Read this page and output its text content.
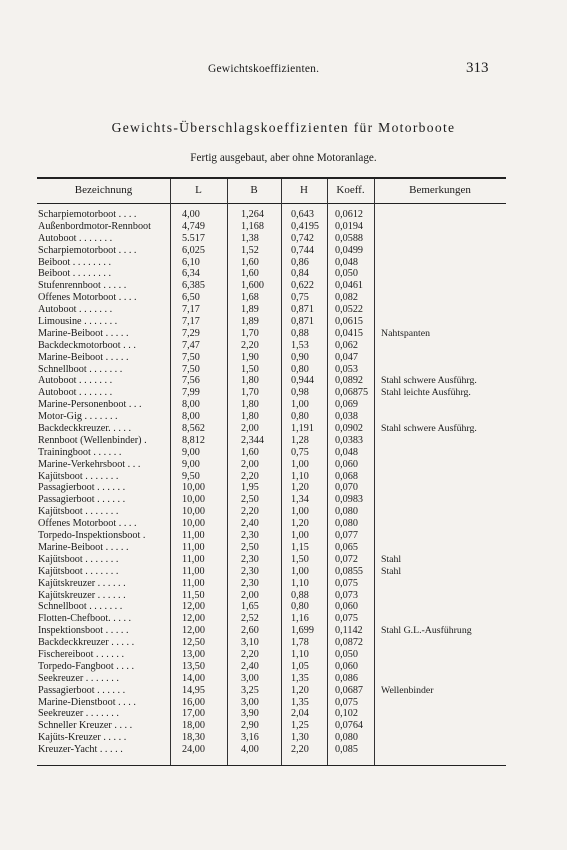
Gewichtskoeffizienten.	313
Gewichts-Überschlagskoeffizienten für Motorboote
Fertig ausgebaut, aber ohne Motoranlage.
Bezeichnung	L	B	H	Koeff.	Bemerkungen
Scharpiemotorboot . . . .	4,00	1,264	0,643	0,0612
Außenbordmotor-Rennboot	4,749	1,168	0,4195	0,0194
Autoboot . . . . . . .	5.517	1,38	0,742	0,0588
Scharpiemotorboot . . . .	6,025	1,52	0,744	0,0499
Beiboot . . . . . . . .	6,10	1,60	0,86	0,048
Beiboot . . . . . . . .	6,34	1,60	0,84	0,050
Stufenrennboot . . . . .	6,385	1,600	0,622	0,0461
Offenes Motorboot . . . .	6,50	1,68	0,75	0,082
Autoboot . . . . . . .	7,17	1,89	0,871	0,0522
Limousine . . . . . . .	7,17	1,89	0,871	0,0615
Marine-Beiboot . . . . .	7,29	1,70	0,88	0,0415	Nahtspanten
Backdeckmotorboot . . .	7,47	2,20	1,53	0,062
Marine-Beiboot . . . . .	7,50	1,90	0,90	0,047
Schnellboot . . . . . . .	7,50	1,50	0,80	0,053
Autoboot . . . . . . .	7,56	1,80	0,944	0,0892	Stahl schwere Ausführg.
Autoboot . . . . . . .	7,99	1,70	0,98	0,06875	Stahl leichte Ausführg.
Marine-Personenboot . . .	8,00	1,80	1,00	0,069
Motor-Gig . . . . . . .	8,00	1,80	0,80	0,038
Backdeckkreuzer. . . . .	8,562	2,00	1,191	0,0902	Stahl schwere Ausführg.
Rennboot (Wellenbinder) .	8,812	2,344	1,28	0,0383
Trainingboot . . . . . .	9,00	1,60	0,75	0,048
Marine-Verkehrsboot . . .	9,00	2,00	1,00	0,060
Kajütsboot . . . . . . .	9,50	2,20	1,10	0,068
Passagierboot . . . . . .	10,00	1,95	1,20	0,070
Passagierboot . . . . . .	10,00	2,50	1,34	0,0983
Kajütsboot . . . . . . .	10,00	2,20	1,00	0,080
Offenes Motorboot . . . .	10,00	2,40	1,20	0,080
Torpedo-Inspektionsboot .	11,00	2,30	1,00	0,077
Marine-Beiboot . . . . .	11,00	2,50	1,15	0,065
Kajütsboot . . . . . . .	11,00	2,30	1,50	0,072	Stahl
Kajütsboot . . . . . . .	11,00	2,30	1,00	0,0855	Stahl
Kajütskreuzer . . . . . .	11,00	2,30	1,10	0,075
Kajütskreuzer . . . . . .	11,50	2,00	0,88	0,073
Schnellboot . . . . . . .	12,00	1,65	0,80	0,060
Flotten-Chefboot. . . . .	12,00	2,52	1,16	0,075
Inspektionsboot . . . . .	12,00	2,60	1,699	0,1142	Stahl G.L.-Ausführung
Backdeckkreuzer . . . . .	12,50	3,10	1,78	0,0872
Fischereiboot . . . . . .	13,00	2,20	1,10	0,050
Torpedo-Fangboot . . . .	13,50	2,40	1,05	0,060
Seekreuzer . . . . . . .	14,00	3,00	1,35	0,086
Passagierboot . . . . . .	14,95	3,25	1,20	0,0687	Wellenbinder
Marine-Dienstboot . . . .	16,00	3,00	1,35	0,075
Seekreuzer . . . . . . .	17,00	3,90	2,04	0,102
Schneller Kreuzer . . . .	18,00	2,90	1,25	0,0764
Kajüts-Kreuzer . . . . .	18,30	3,16	1,30	0,080
Kreuzer-Yacht . . . . .	24,00	4,00	2,20	0,085
